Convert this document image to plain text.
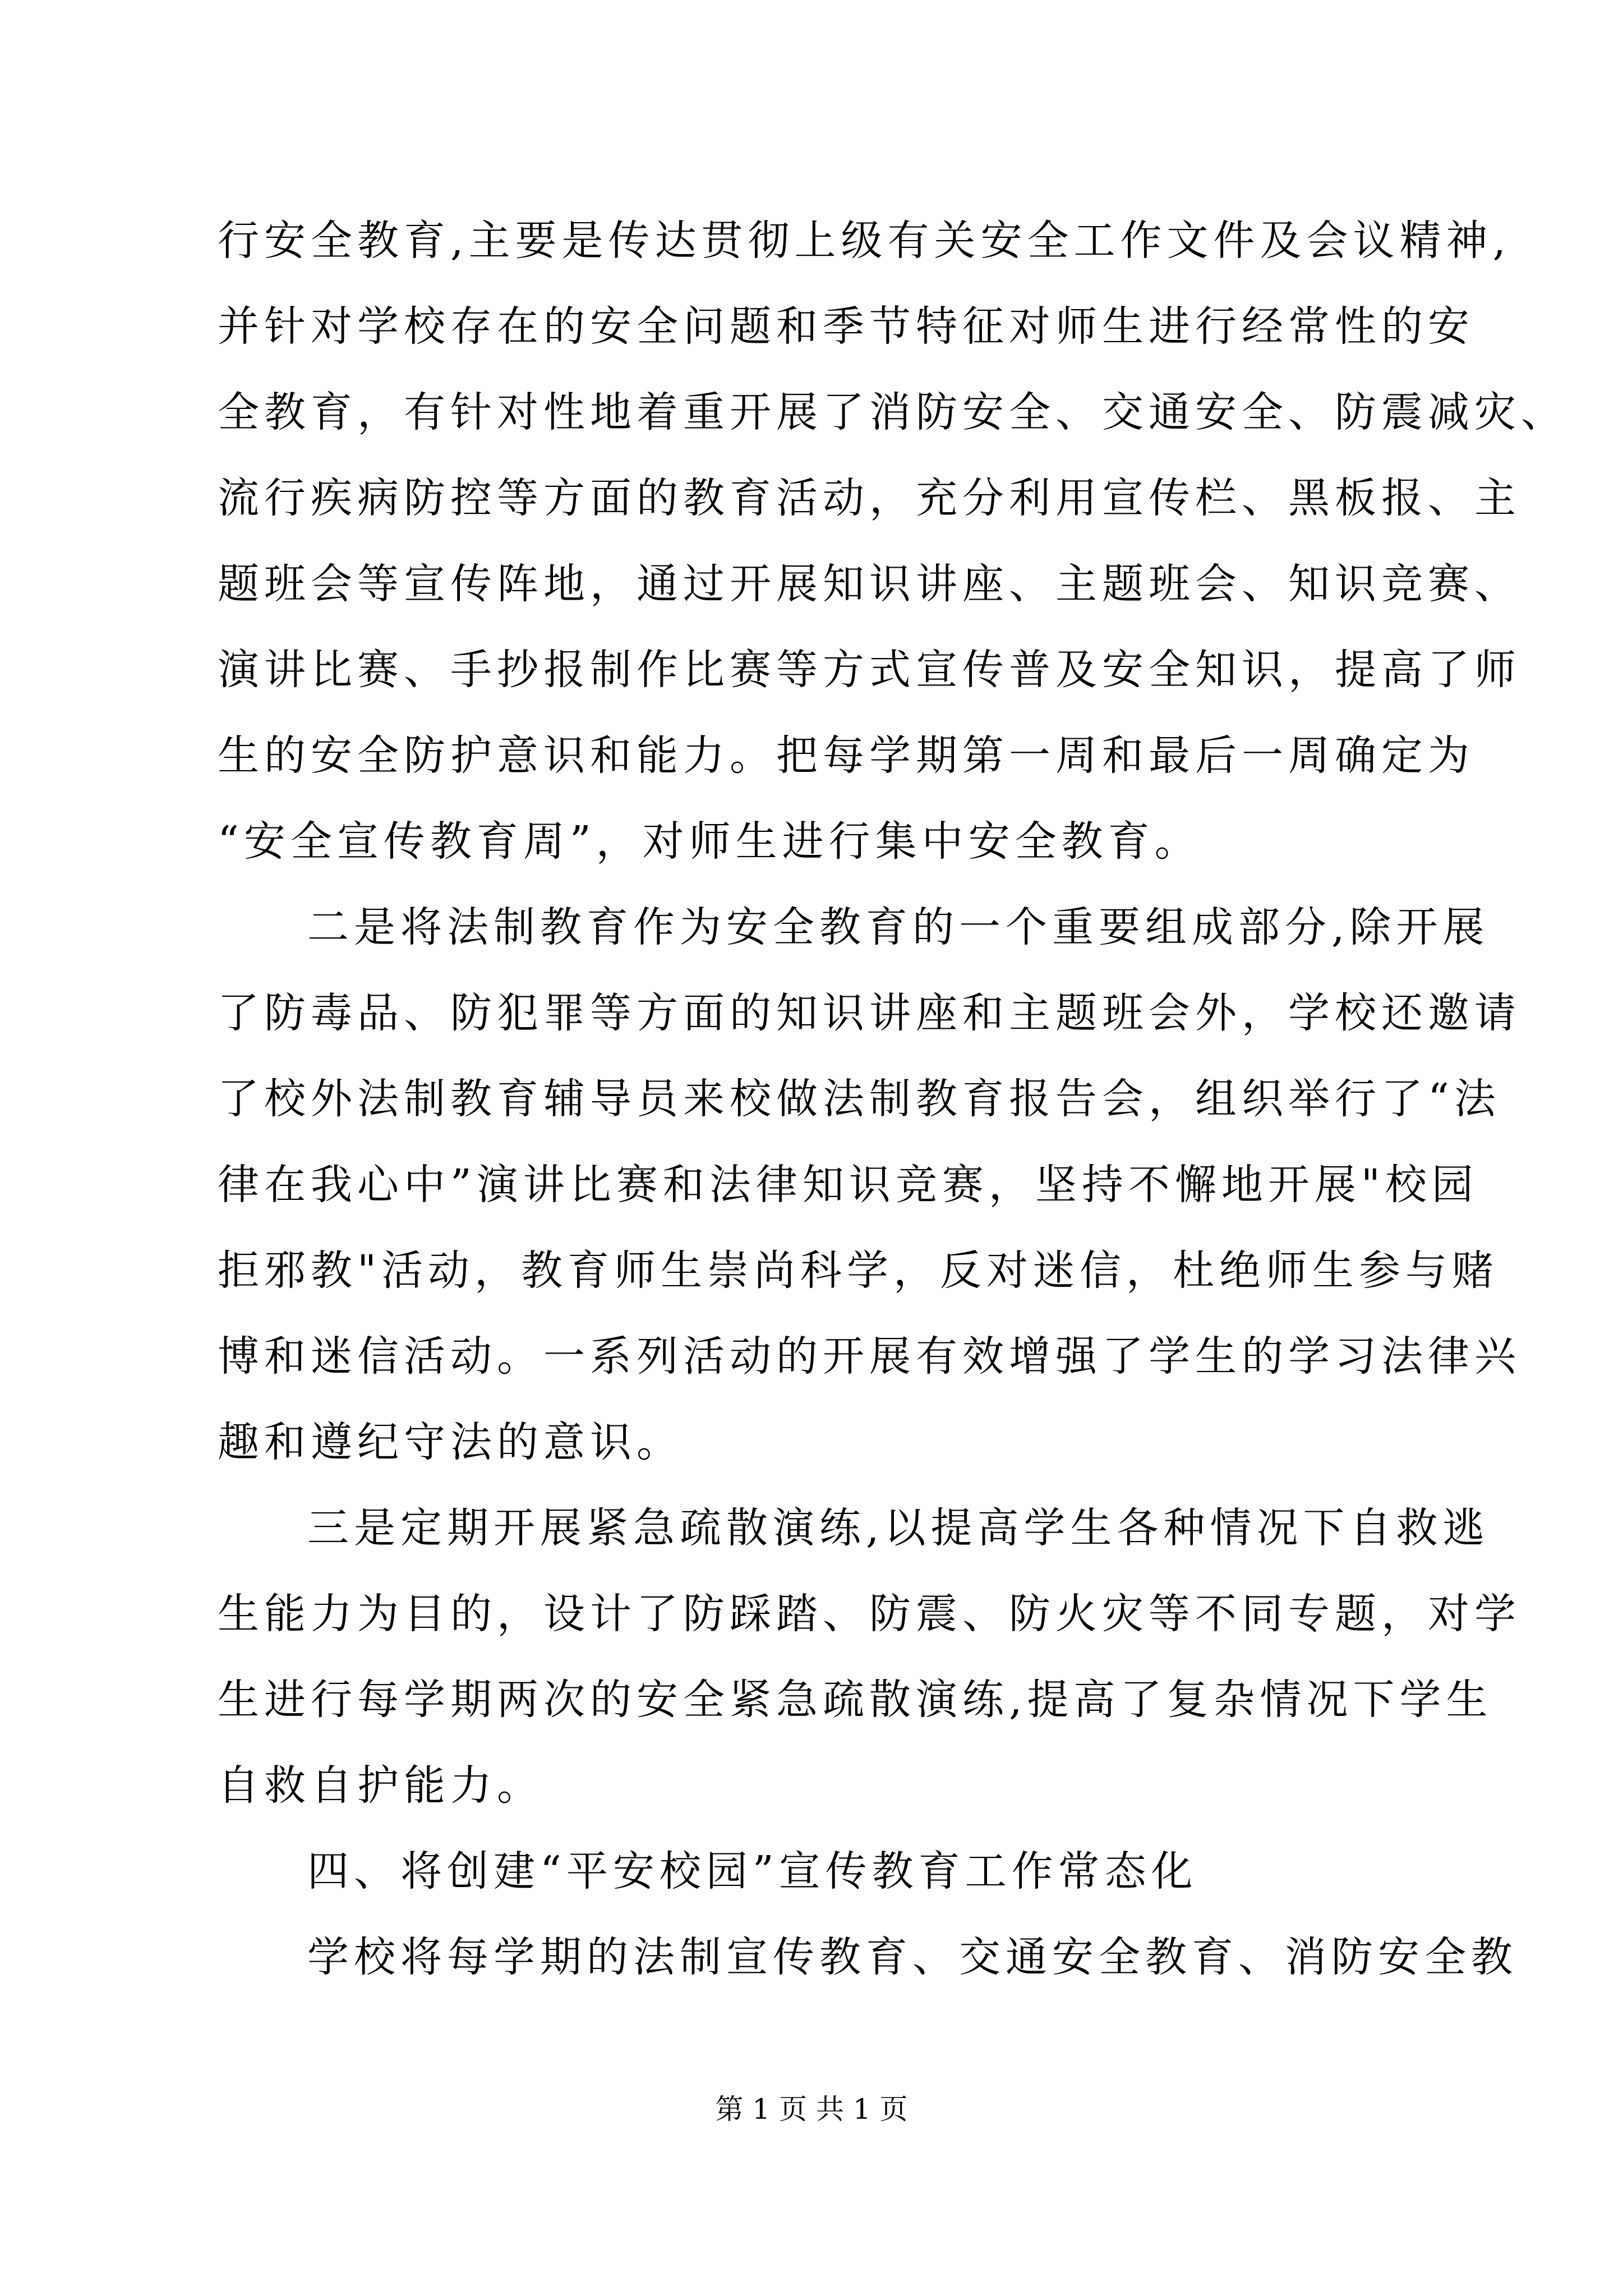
行安全教育,主要是传达贯彻上级有关安全工作文件及会议精神,
并针对学校存在的安全问题和季节特征对师生进行经常性的安
全教育，有针对性地着重开展了消防安全、交通安全、防震减灾、
流行疾病防控等方面的教育活动，充分利用宣传栏、黑板报、主
题班会等宣传阵地，通过开展知识讲座、主题班会、知识竞赛、
演讲比赛、手抄报制作比赛等方式宣传普及安全知识，提高了师
生的安全防护意识和能力。把每学期第一周和最后一周确定为
“安全宣传教育周”，对师生进行集中安全教育。
二是将法制教育作为安全教育的一个重要组成部分,除开展
了防毒品、防犯罪等方面的知识讲座和主题班会外，学校还邀请
了校外法制教育辅导员来校做法制教育报告会，组织举行了“法
律在我心中”演讲比赛和法律知识竞赛，坚持不懈地开展"校园
拒邪教"活动，教育师生崇尚科学，反对迷信，杜绝师生参与赌
博和迷信活动。一系列活动的开展有效增强了学生的学习法律兴
趣和遵纪守法的意识。
三是定期开展紧急疏散演练,以提高学生各种情况下自救逃
生能力为目的，设计了防踩踏、防震、防火灾等不同专题，对学
生进行每学期两次的安全紧急疏散演练,提高了复杂情况下学生
自救自护能力。
四、将创建“平安校园”宣传教育工作常态化
学校将每学期的法制宣传教育、交通安全教育、消防安全教
第 1 页 共 1 页
